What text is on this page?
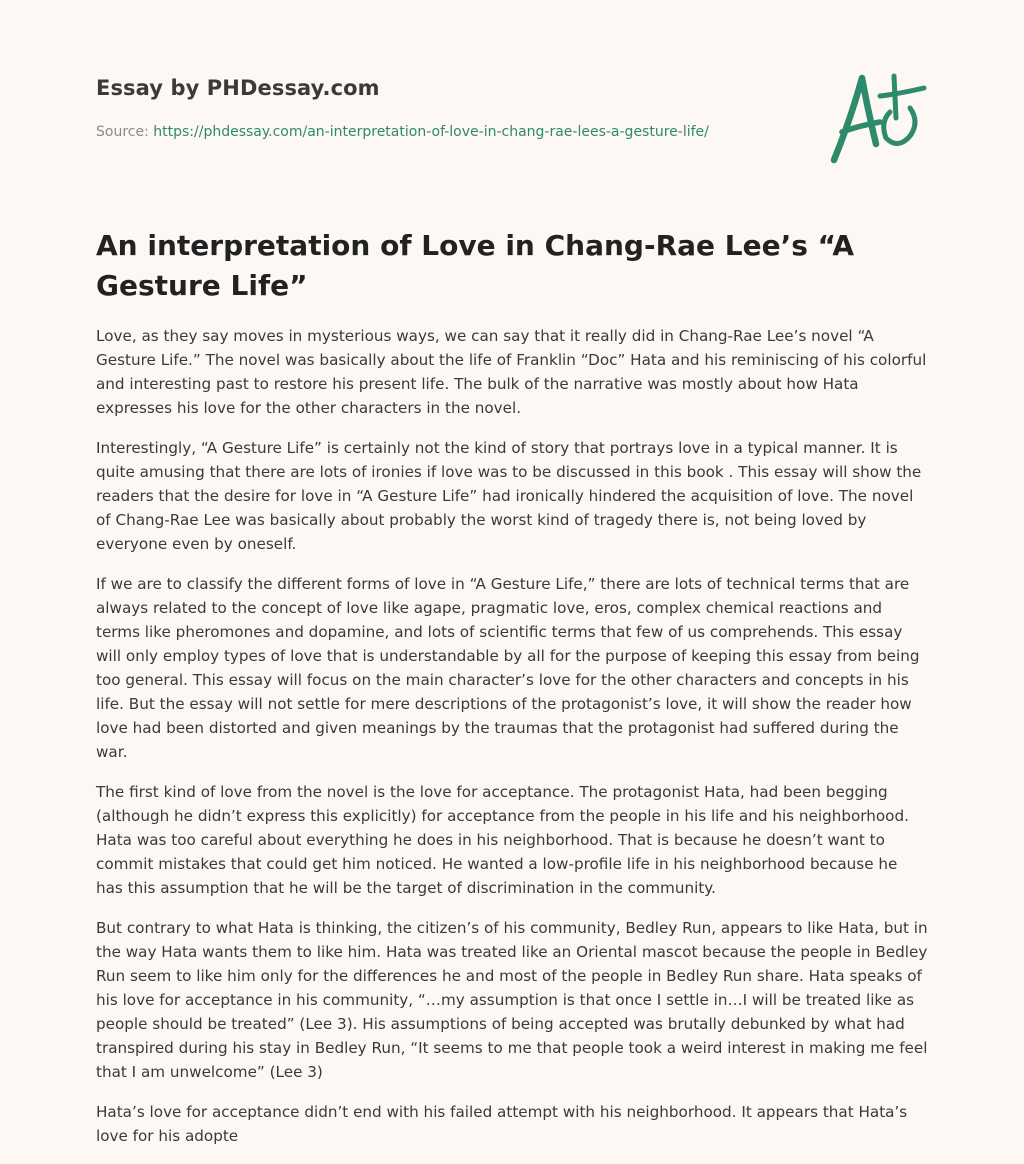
Essay by PHDessay.com
Source: https://phdessay.com/an-interpretation-of-love-in-chang-rae-lees-a-gesture-life/
An interpretation of Love in Chang-Rae Lee’s “A Gesture Life”

Love, as they say moves in mysterious ways, we can say that it really did in Chang-Rae Lee’s novel “A Gesture Life.” The novel was basically about the life of Franklin “Doc” Hata and his reminiscing of his colorful and interesting past to restore his present life. The bulk of the narrative was mostly about how Hata expresses his love for the other characters in the novel.

Interestingly, “A Gesture Life” is certainly not the kind of story that portrays love in a typical manner. It is quite amusing that there are lots of ironies if love was to be discussed in this book . This essay will show the readers that the desire for love in “A Gesture Life” had ironically hindered the acquisition of love. The novel of Chang-Rae Lee was basically about probably the worst kind of tragedy there is, not being loved by everyone even by oneself.

If we are to classify the different forms of love in “A Gesture Life,” there are lots of technical terms that are always related to the concept of love like agape, pragmatic love, eros, complex chemical reactions and terms like pheromones and dopamine, and lots of scientific terms that few of us comprehends. This essay will only employ types of love that is understandable by all for the purpose of keeping this essay from being too general. This essay will focus on the main character’s love for the other characters and concepts in his life. But the essay will not settle for mere descriptions of the protagonist’s love, it will show the reader how love had been distorted and given meanings by the traumas that the protagonist had suffered during the war.

The first kind of love from the novel is the love for acceptance. The protagonist Hata, had been begging (although he didn’t express this explicitly) for acceptance from the people in his life and his neighborhood. Hata was too careful about everything he does in his neighborhood. That is because he doesn’t want to commit mistakes that could get him noticed. He wanted a low-profile life in his neighborhood because he has this assumption that he will be the target of discrimination in the community.

But contrary to what Hata is thinking, the citizen’s of his community, Bedley Run, appears to like Hata, but in the way Hata wants them to like him. Hata was treated like an Oriental mascot because the people in Bedley Run seem to like him only for the differences he and most of the people in Bedley Run share. Hata speaks of his love for acceptance in his community, “…my assumption is that once I settle in…I will be treated like as people should be treated” (Lee 3). His assumptions of being accepted was brutally debunked by what had transpired during his stay in Bedley Run, “It seems to me that people took a weird interest in making me feel that I am unwelcome” (Lee 3)

Hata’s love for acceptance didn’t end with his failed attempt with his neighborhood. It appears that Hata’s love for his adopte
